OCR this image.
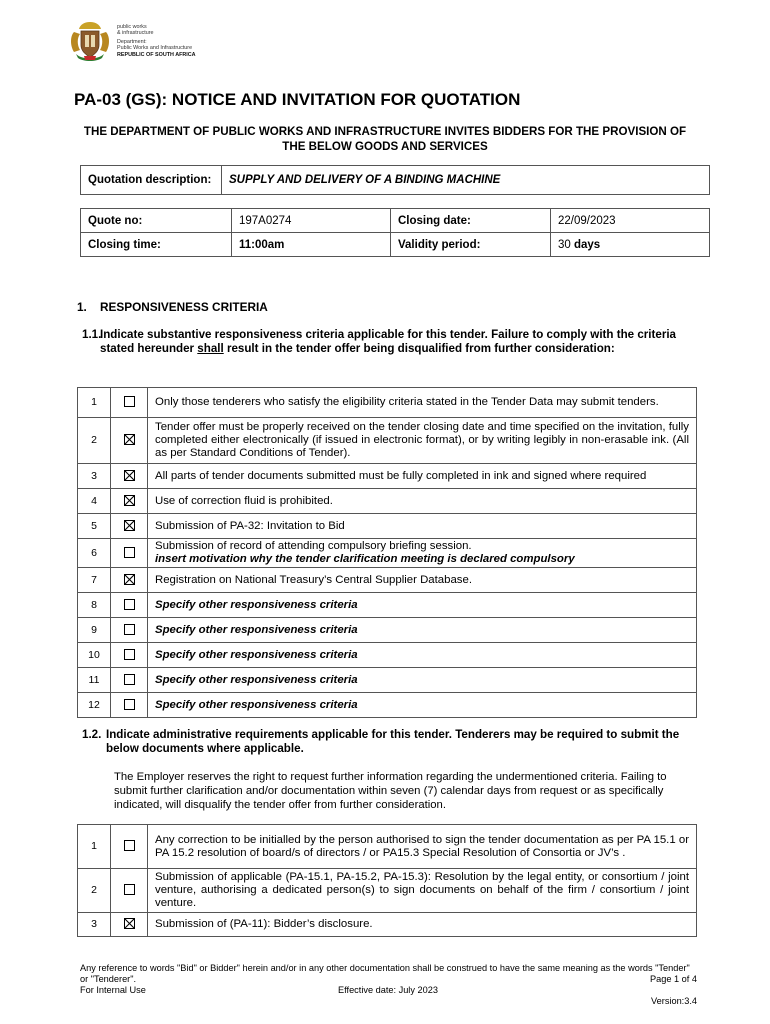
public works
& infrastructure
Department:
Public Works and Infrastructure
REPUBLIC OF SOUTH AFRICA
PA-03 (GS): NOTICE AND INVITATION FOR QUOTATION
THE DEPARTMENT OF PUBLIC WORKS AND INFRASTRUCTURE INVITES BIDDERS FOR THE PROVISION OF THE BELOW GOODS AND SERVICES
Quotation description:	SUPPLY AND DELIVERY OF A BINDING MACHINE
Quote no:	197A0274	Closing date:	22/09/2023
Closing time:	11:00am	Validity period:	30 days
1.    RESPONSIVENESS CRITERIA
1.1.
Indicate substantive responsiveness criteria applicable for this tender. Failure to comply with the criteria stated hereunder shall result in the tender offer being disqualified from further consideration:
1		Only those tenderers who satisfy the eligibility criteria stated in the Tender Data may submit tenders.

2		Tender offer must be properly received on the tender closing date and time specified on the invitation, fully completed either electronically (if issued in electronic format), or by writing legibly in non-erasable ink. (All as per Standard Conditions of Tender).

3		All parts of tender documents submitted must be fully completed in ink and signed where required

4		Use of correction fluid is prohibited.

5		Submission of PA-32: Invitation to Bid

6		Submission of record of attending compulsory briefing session.
insert motivation why the tender clarification meeting is declared compulsory

7		Registration on National Treasury’s Central Supplier Database.

8		Specify other responsiveness criteria

9		Specify other responsiveness criteria

10		Specify other responsiveness criteria

11		Specify other responsiveness criteria

12		Specify other responsiveness criteria
1.2. Indicate administrative requirements applicable for this tender. Tenderers may be required to submit the below documents where applicable.
The Employer reserves the right to request further information regarding the undermentioned criteria. Failing to submit further clarification and/or documentation within seven (7) calendar days from request or as specifically indicated, will disqualify the tender offer from further consideration.
1		Any correction to be initialled by the person authorised to sign the tender documentation as per PA 15.1 or PA 15.2 resolution of board/s of directors / or PA15.3 Special Resolution of Consortia or JV’s .

2		Submission of applicable (PA-15.1, PA-15.2, PA-15.3): Resolution by the legal entity, or consortium / joint venture, authorising a dedicated person(s) to sign documents on behalf of the firm / consortium / joint venture.

3		Submission of (PA-11): Bidder’s disclosure.
Any reference to words "Bid" or Bidder" herein and/or in any other documentation shall be construed to have the same meaning as the words "Tender" or "Tenderer".	Page 1 of 4
For Internal Use	Effective date: July 2023
Version:3.4
